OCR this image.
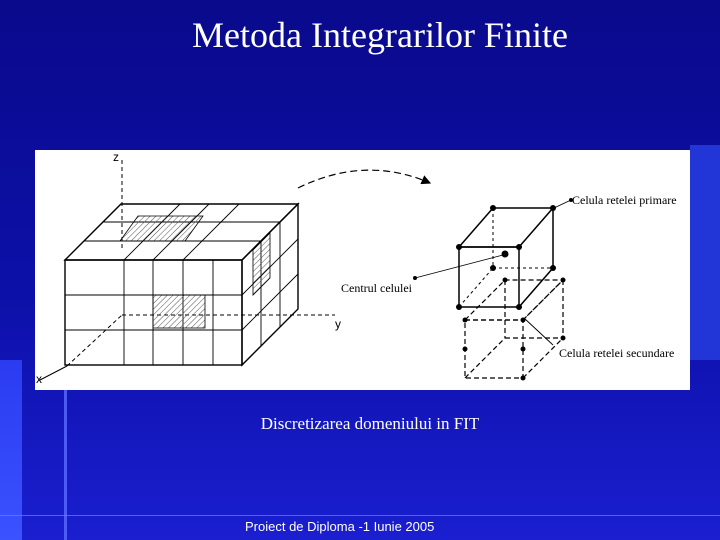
Metoda Integrarilor Finite
z
y
x
Celula retelei primare
Centrul celulei
Celula retelei secundare
Discretizarea domeniului in FIT
Proiect de Diploma -1 Iunie 2005
